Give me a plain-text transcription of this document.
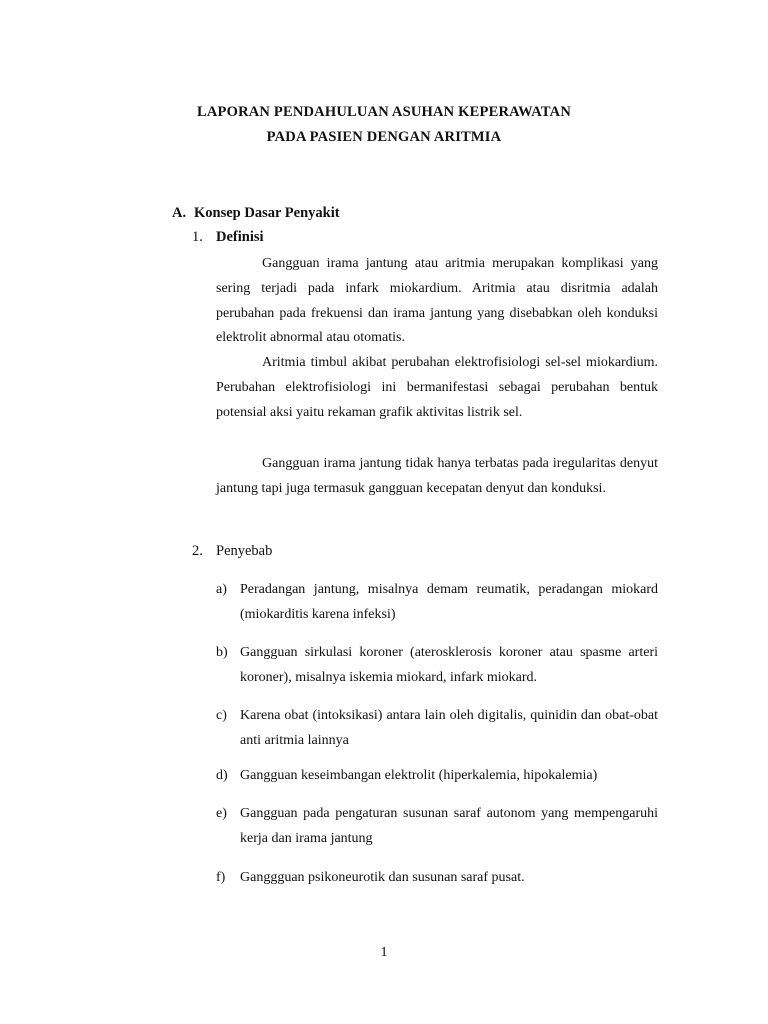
LAPORAN PENDAHULUAN ASUHAN KEPERAWATAN
PADA PASIEN DENGAN ARITMIA
A. Konsep Dasar Penyakit
1. Definisi

Gangguan irama jantung atau aritmia merupakan komplikasi yang sering terjadi pada infark miokardium. Aritmia atau disritmia adalah perubahan pada frekuensi dan irama jantung yang disebabkan oleh konduksi elektrolit abnormal atau otomatis.

Aritmia timbul akibat perubahan elektrofisiologi sel-sel miokardium. Perubahan elektrofisiologi ini bermanifestasi sebagai perubahan bentuk potensial aksi yaitu rekaman grafik aktivitas listrik sel.

Gangguan irama jantung tidak hanya terbatas pada iregularitas denyut jantung tapi juga termasuk gangguan kecepatan denyut dan konduksi.

2. Penyebab
a) Peradangan jantung, misalnya demam reumatik, peradangan miokard (miokarditis karena infeksi)
b) Gangguan sirkulasi koroner (aterosklerosis koroner atau spasme arteri koroner), misalnya iskemia miokard, infark miokard.
c) Karena obat (intoksikasi) antara lain oleh digitalis, quinidin dan obat-obat anti aritmia lainnya
d) Gangguan keseimbangan elektrolit (hiperkalemia, hipokalemia)
e) Gangguan pada pengaturan susunan saraf autonom yang mempengaruhi kerja dan irama jantung
f)	Ganggguan psikoneurotik dan susunan saraf pusat.
1
